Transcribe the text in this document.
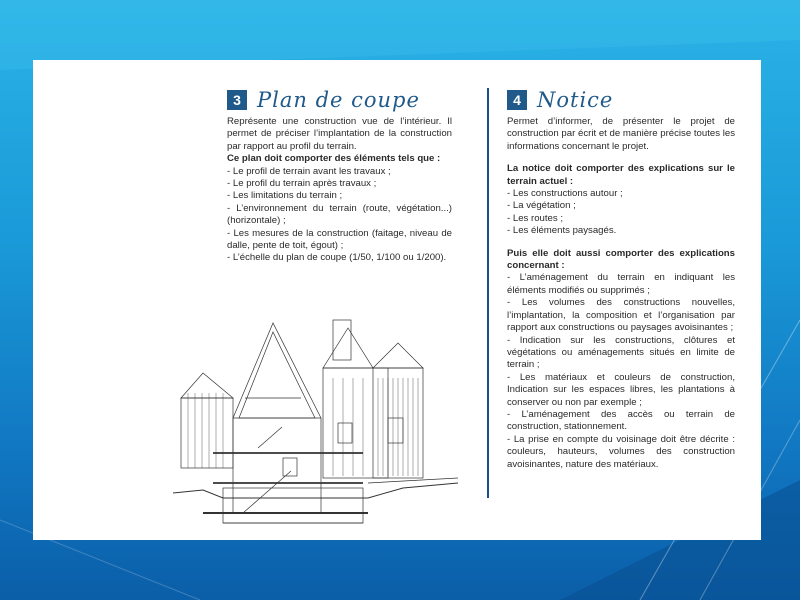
3 Plan de coupe

Représente une construction vue de l’intérieur. Il permet de préciser l’implantation de la construction par rapport au profil du terrain.

Ce plan doit comporter des éléments tels que :

- Le profil de terrain avant les travaux ;

- Le profil du terrain après travaux ;

- Les limitations du terrain ;

- L’environnement du terrain (route, végétation...) (horizontale) ;

- Les mesures de la construction (faitage, niveau de dalle, pente de toit, égout) ;

- L’échelle du plan de coupe (1/50, 1/100 ou 1/200).

4 Notice

Permet d’informer, de présenter le projet de construction par écrit et de manière précise toutes les informations concernant le projet.

La notice doit comporter des explications sur le terrain actuel :

- Les constructions autour ;

- La végétation ;

- Les routes ;

- Les éléments paysagés.

Puis elle doit aussi comporter des explications concernant :

- L’aménagement du terrain en indiquant les éléments modifiés ou supprimés ;

- Les volumes des constructions nouvelles, l’implantation, la composition et l’organisation par rapport aux constructions ou paysages avoisinantes ;

- Indication sur les constructions, clôtures et végétations ou aménagements situés en limite de terrain ;

- Les matériaux et couleurs de construction, Indication sur les espaces libres, les plantations à conserver ou non par exemple ;

- L’aménagement des accès ou terrain de construction, stationnement.

- La prise en compte du voisinage doit être décrite : couleurs, hauteurs, volumes des construction avoisinantes, nature des matériaux.
